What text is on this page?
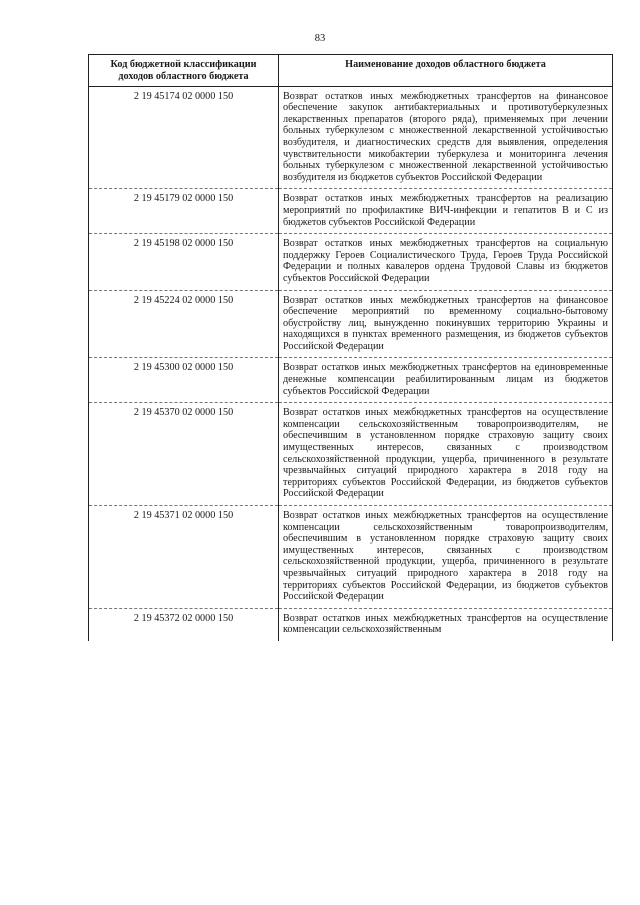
83
Код бюджетной классификации доходов областного бюджета	Наименование доходов областного бюджета
2 19 45174 02 0000 150	Возврат остатков иных межбюджетных трансфертов на финансовое обеспечение закупок антибактериальных и противотуберкулезных лекарственных препаратов (второго ряда), применяемых при лечении больных туберкулезом с множественной лекарственной устойчивостью возбудителя, и диагностических средств для выявления, определения чувствительности микобактерии туберкулеза и мониторинга лечения больных туберкулезом с множественной лекарственной устойчивостью возбудителя из бюджетов субъектов Российской Федерации
2 19 45179 02 0000 150	Возврат остатков иных межбюджетных трансфертов на реализацию мероприятий по профилактике ВИЧ-инфекции и гепатитов В и С из бюджетов субъектов Российской Федерации
2 19 45198 02 0000 150	Возврат остатков иных межбюджетных трансфертов на социальную поддержку Героев Социалистического Труда, Героев Труда Российской Федерации и полных кавалеров ордена Трудовой Славы из бюджетов субъектов Российской Федерации
2 19 45224 02 0000 150	Возврат остатков иных межбюджетных трансфертов на финансовое обеспечение мероприятий по временному социально-бытовому обустройству лиц, вынужденно покинувших территорию Украины и находящихся в пунктах временного размещения, из бюджетов субъектов Российской Федерации
2 19 45300 02 0000 150	Возврат остатков иных межбюджетных трансфертов на единовременные денежные компенсации реабилитированным лицам из бюджетов субъектов Российской Федерации
2 19 45370 02 0000 150	Возврат остатков иных межбюджетных трансфертов на осуществление компенсации сельскохозяйственным товаропроизводителям, не обеспечившим в установленном порядке страховую защиту своих имущественных интересов, связанных с производством сельскохозяйственной продукции, ущерба, причиненного в результате чрезвычайных ситуаций природного характера в 2018 году на территориях субъектов Российской Федерации, из бюджетов субъектов Российской Федерации
2 19 45371 02 0000 150	Возврат остатков иных межбюджетных трансфертов на осуществление компенсации сельскохозяйственным товаропроизводителям, обеспечившим в установленном порядке страховую защиту своих имущественных интересов, связанных с производством сельскохозяйственной продукции, ущерба, причиненного в результате чрезвычайных ситуаций природного характера в 2018 году на территориях субъектов Российской Федерации, из бюджетов субъектов Российской Федерации
2 19 45372 02 0000 150	Возврат остатков иных межбюджетных трансфертов на осуществление компенсации сельскохозяйственным
